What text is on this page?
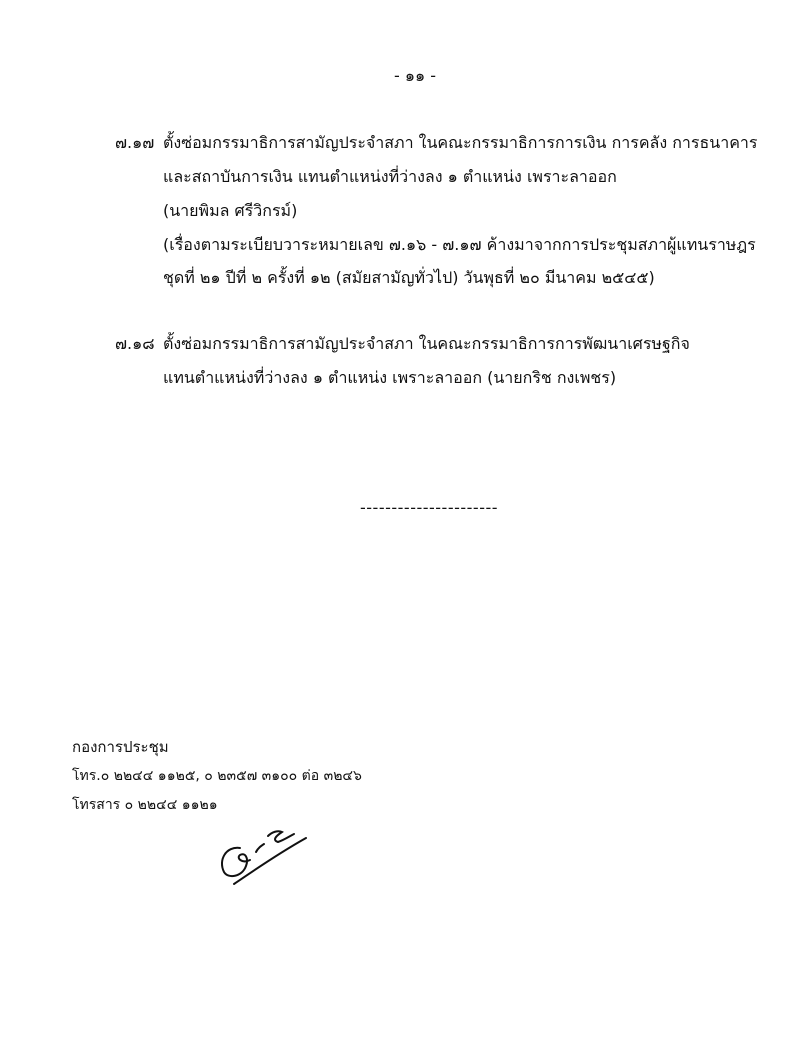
- ๑๑ -
๗.๑๗ ตั้งซ่อมกรรมาธิการสามัญประจำสภา ในคณะกรรมาธิการการเงิน การคลัง การธนาคาร
และสถาบันการเงิน แทนตำแหน่งที่ว่างลง ๑ ตำแหน่ง เพราะลาออก
(นายพิมล ศรีวิกรม์)
(เรื่องตามระเบียบวาระหมายเลข ๗.๑๖ - ๗.๑๗ ค้างมาจากการประชุมสภาผู้แทนราษฎร
ชุดที่ ๒๑ ปีที่ ๒ ครั้งที่ ๑๒ (สมัยสามัญทั่วไป) วันพุธที่ ๒๐ มีนาคม ๒๕๔๕)
๗.๑๘ ตั้งซ่อมกรรมาธิการสามัญประจำสภา ในคณะกรรมาธิการการพัฒนาเศรษฐกิจ
แทนตำแหน่งที่ว่างลง ๑ ตำแหน่ง เพราะลาออก (นายกริช กงเพชร)
----------------------
กองการประชุม
โทร.๐ ๒๒๔๔ ๑๑๒๕, ๐ ๒๓๕๗ ๓๑๐๐ ต่อ ๓๒๔๖
โทรสาร ๐ ๒๒๔๔ ๑๑๒๑
